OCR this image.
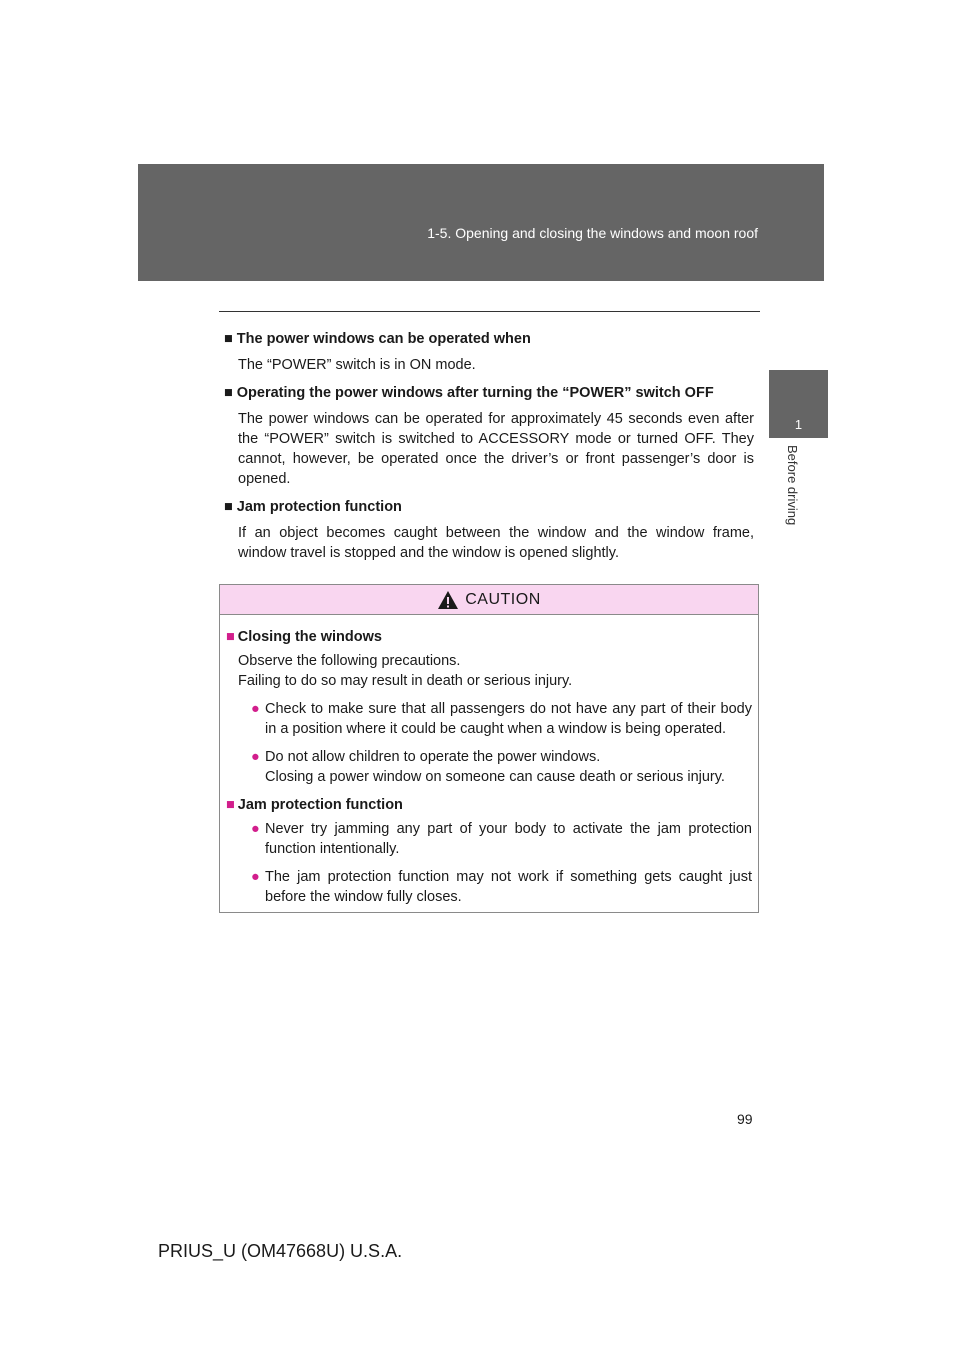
1-5. Opening and closing the windows and moon roof
1
Before driving

■ The power windows can be operated when

The “POWER” switch is in ON mode.

■ Operating the power windows after turning the “POWER” switch OFF

The power windows can be operated for approximately 45 seconds even after the “POWER” switch is switched to ACCESSORY mode or turned OFF. They cannot, however, be operated once the driver’s or front passenger’s door is opened.

■ Jam protection function

If an object becomes caught between the window and the window frame, window travel is stopped and the window is opened slightly.

CAUTION

■ Closing the windows

Observe the following precautions.
Failing to do so may result in death or serious injury.

● Check to make sure that all passengers do not have any part of their body in a position where it could be caught when a window is being operated.
● Do not allow children to operate the power windows.
Closing a power window on someone can cause death or serious injury.

■ Jam protection function

● Never try jamming any part of your body to activate the jam protection function intentionally.
● The jam protection function may not work if something gets caught just before the window fully closes.
99
PRIUS_U (OM47668U) U.S.A.
